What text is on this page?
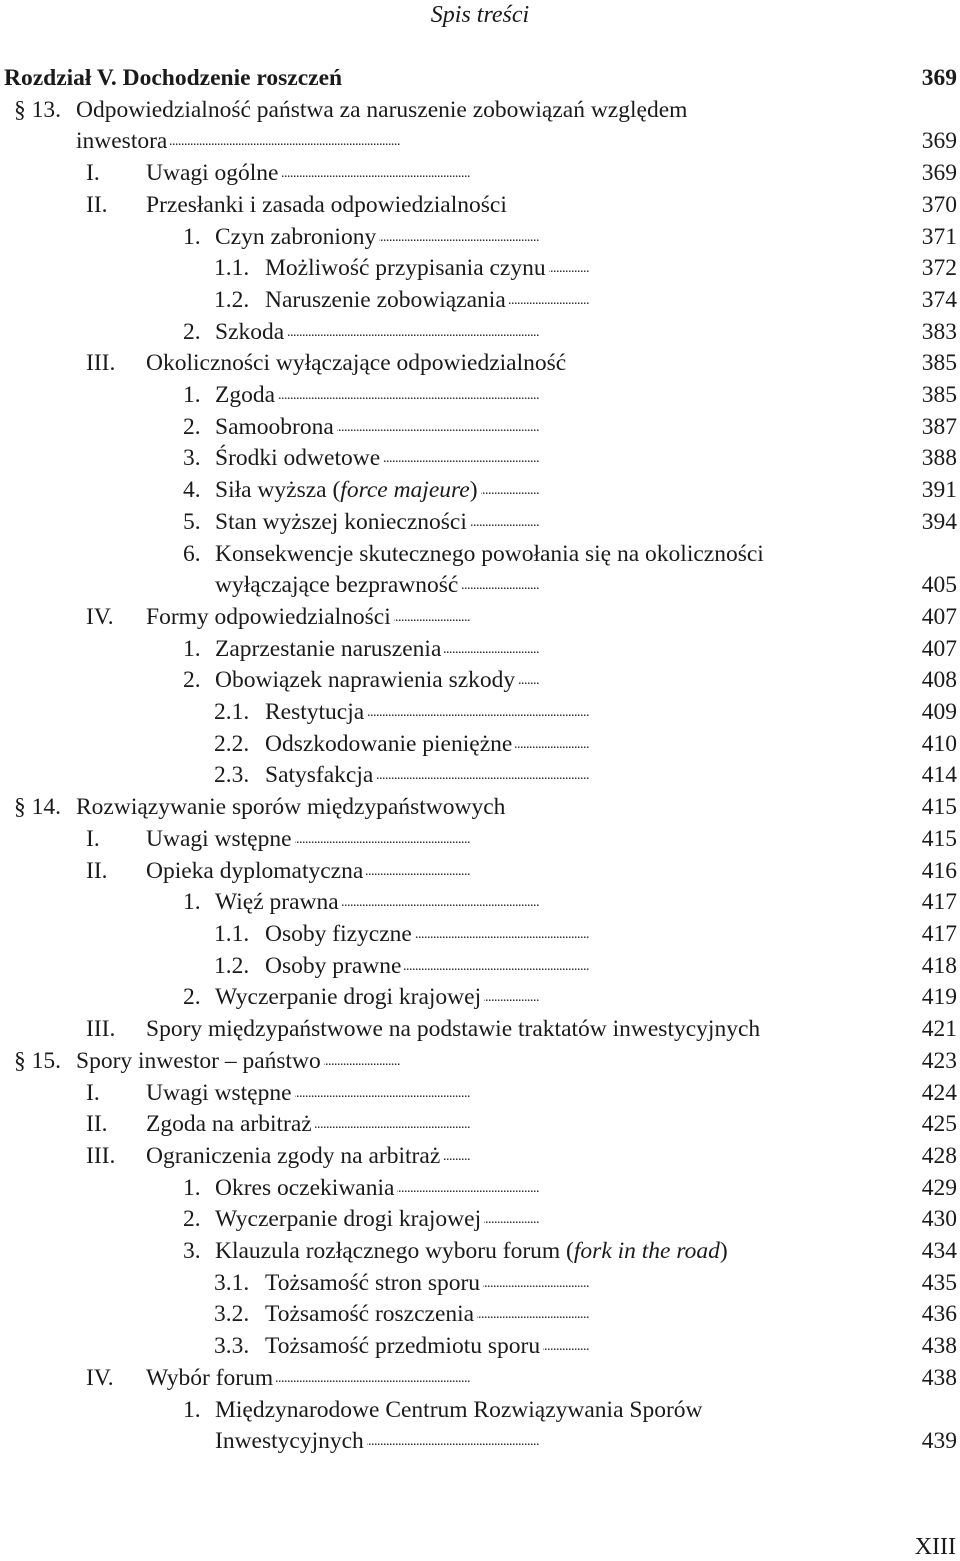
Spis treści
Rozdział V. Dochodzenie roszczeń . . .	369
§ 13. Odpowiedzialność państwa za naruszenie zobowiązań względem
inwestora . . .	369
I.	Uwagi ogólne . . .	369
II.	Przesłanki i zasada odpowiedzialności . . .	370
1. Czyn zabroniony . . .	371
1.1. Możliwość przypisania czynu . . .	372
1.2. Naruszenie zobowiązania . . .	374
2. Szkoda . . .	383
III.	Okoliczności wyłączające odpowiedzialność . . .	385
1. Zgoda . . .	385
2. Samoobrona . . .	387
3. Środki odwetowe . . .	388
4. Siła wyższa (force majeure) . . .	391
5. Stan wyższej konieczności . . .	394
6. Konsekwencje skutecznego powołania się na okoliczności
wyłączające bezprawność . . .	405
IV.	Formy odpowiedzialności . . .	407
1. Zaprzestanie naruszenia . . .	407
2. Obowiązek naprawienia szkody . . .	408
2.1. Restytucja . . .	409
2.2. Odszkodowanie pieniężne . . .	410
2.3. Satysfakcja . . .	414
§ 14. Rozwiązywanie sporów międzypaństwowych . . .	415
I.	Uwagi wstępne . . .	415
II.	Opieka dyplomatyczna . . .	416
1. Więź prawna . . .	417
1.1. Osoby fizyczne . . .	417
1.2. Osoby prawne . . .	418
2. Wyczerpanie drogi krajowej . . .	419
III.	Spory międzypaństwowe na podstawie traktatów inwestycyjnych . . .	421
§ 15. Spory inwestor – państwo . . .	423
I.	Uwagi wstępne . . .	424
II.	Zgoda na arbitraż . . .	425
III.	Ograniczenia zgody na arbitraż . . .	428
1. Okres oczekiwania . . .	429
2. Wyczerpanie drogi krajowej . . .	430
3. Klauzula rozłącznego wyboru forum (fork in the road) . . .	434
3.1. Tożsamość stron sporu . . .	435
3.2. Tożsamość roszczenia . . .	436
3.3. Tożsamość przedmiotu sporu . . .	438
IV.	Wybór forum . . .	438
1. Międzynarodowe Centrum Rozwiązywania Sporów
Inwestycyjnych . . .	439
XIII
